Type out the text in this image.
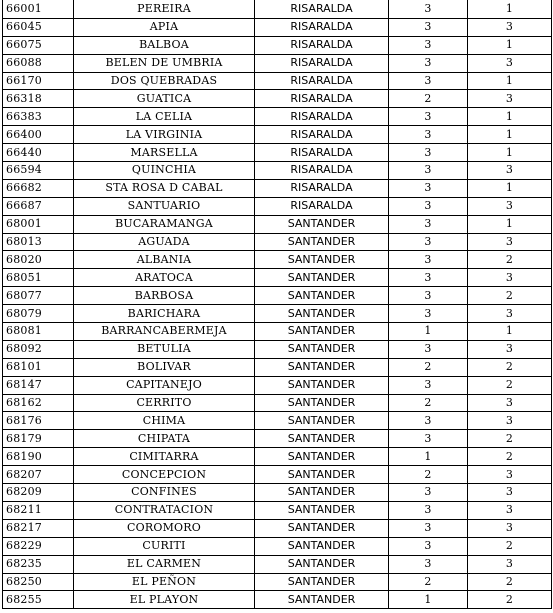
66001	PEREIRA	RISARALDA	3	1
66045	APIA	RISARALDA	3	3
66075	BALBOA	RISARALDA	3	1
66088	BELEN DE UMBRIA	RISARALDA	3	3
66170	DOS QUEBRADAS	RISARALDA	3	1
66318	GUATICA	RISARALDA	2	3
66383	LA CELIA	RISARALDA	3	1
66400	LA VIRGINIA	RISARALDA	3	1
66440	MARSELLA	RISARALDA	3	1
66594	QUINCHIA	RISARALDA	3	3
66682	STA ROSA D CABAL	RISARALDA	3	1
66687	SANTUARIO	RISARALDA	3	3
68001	BUCARAMANGA	SANTANDER	3	1
68013	AGUADA	SANTANDER	3	3
68020	ALBANIA	SANTANDER	3	2
68051	ARATOCA	SANTANDER	3	3
68077	BARBOSA	SANTANDER	3	2
68079	BARICHARA	SANTANDER	3	3
68081	BARRANCABERMEJA	SANTANDER	1	1
68092	BETULIA	SANTANDER	3	3
68101	BOLIVAR	SANTANDER	2	2
68147	CAPITANEJO	SANTANDER	3	2
68162	CERRITO	SANTANDER	2	3
68176	CHIMA	SANTANDER	3	3
68179	CHIPATA	SANTANDER	3	2
68190	CIMITARRA	SANTANDER	1	2
68207	CONCEPCION	SANTANDER	2	3
68209	CONFINES	SANTANDER	3	3
68211	CONTRATACION	SANTANDER	3	3
68217	COROMORO	SANTANDER	3	3
68229	CURITI	SANTANDER	3	2
68235	EL CARMEN	SANTANDER	3	3
68250	EL PEÑON	SANTANDER	2	2
68255	EL PLAYON	SANTANDER	1	2
